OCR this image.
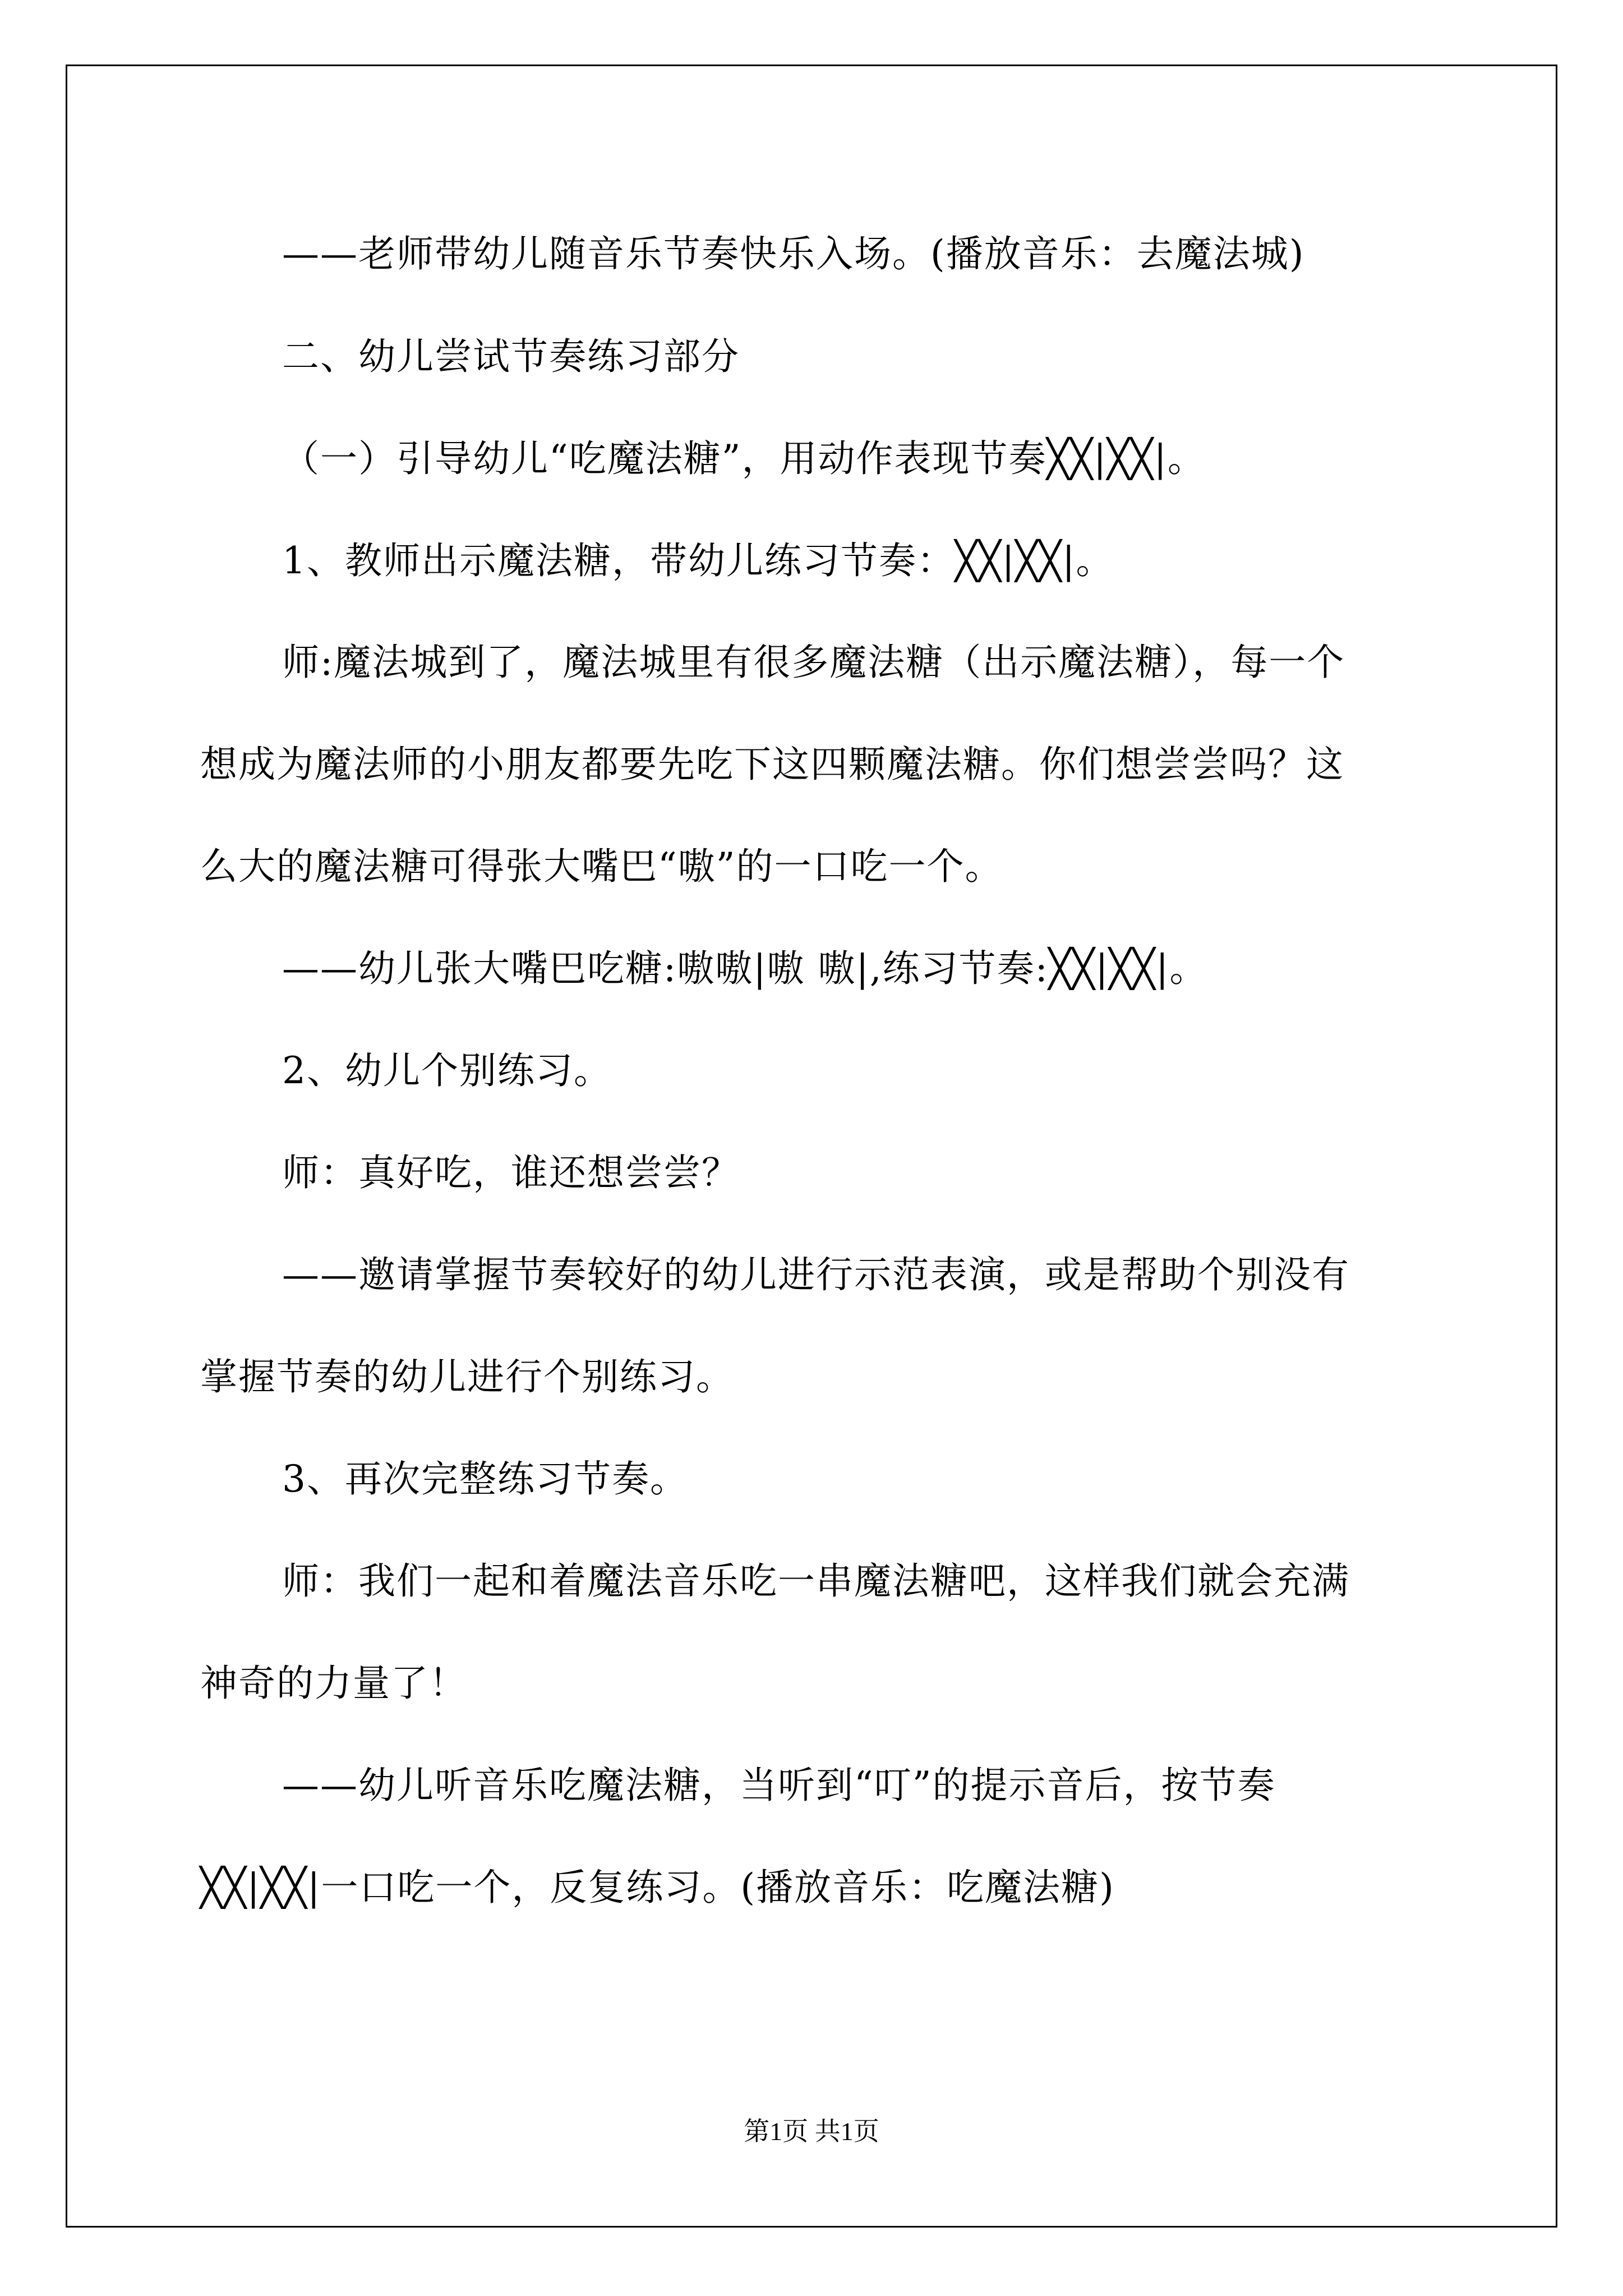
——老师带幼儿随音乐节奏快乐入场。(播放音乐：去魔法城)

二、幼儿尝试节奏练习部分

（一）引导幼儿“吃魔法糖”，用动作表现节奏╳╳|╳╳|。

1、教师出示魔法糖，带幼儿练习节奏：╳╳|╳╳|。

师:魔法城到了，魔法城里有很多魔法糖（出示魔法糖），每一个

想成为魔法师的小朋友都要先吃下这四颗魔法糖。你们想尝尝吗？这

么大的魔法糖可得张大嘴巴“嗷”的一口吃一个。

——幼儿张大嘴巴吃糖:嗷嗷|嗷 嗷|,练习节奏:╳╳|╳╳|。

2、幼儿个别练习。

师：真好吃，谁还想尝尝？

——邀请掌握节奏较好的幼儿进行示范表演，或是帮助个别没有

掌握节奏的幼儿进行个别练习。

3、再次完整练习节奏。

师：我们一起和着魔法音乐吃一串魔法糖吧，这样我们就会充满

神奇的力量了！

——幼儿听音乐吃魔法糖，当听到“叮”的提示音后，按节奏

╳╳|╳╳|一口吃一个，反复练习。(播放音乐：吃魔法糖)

第1页 共1页
